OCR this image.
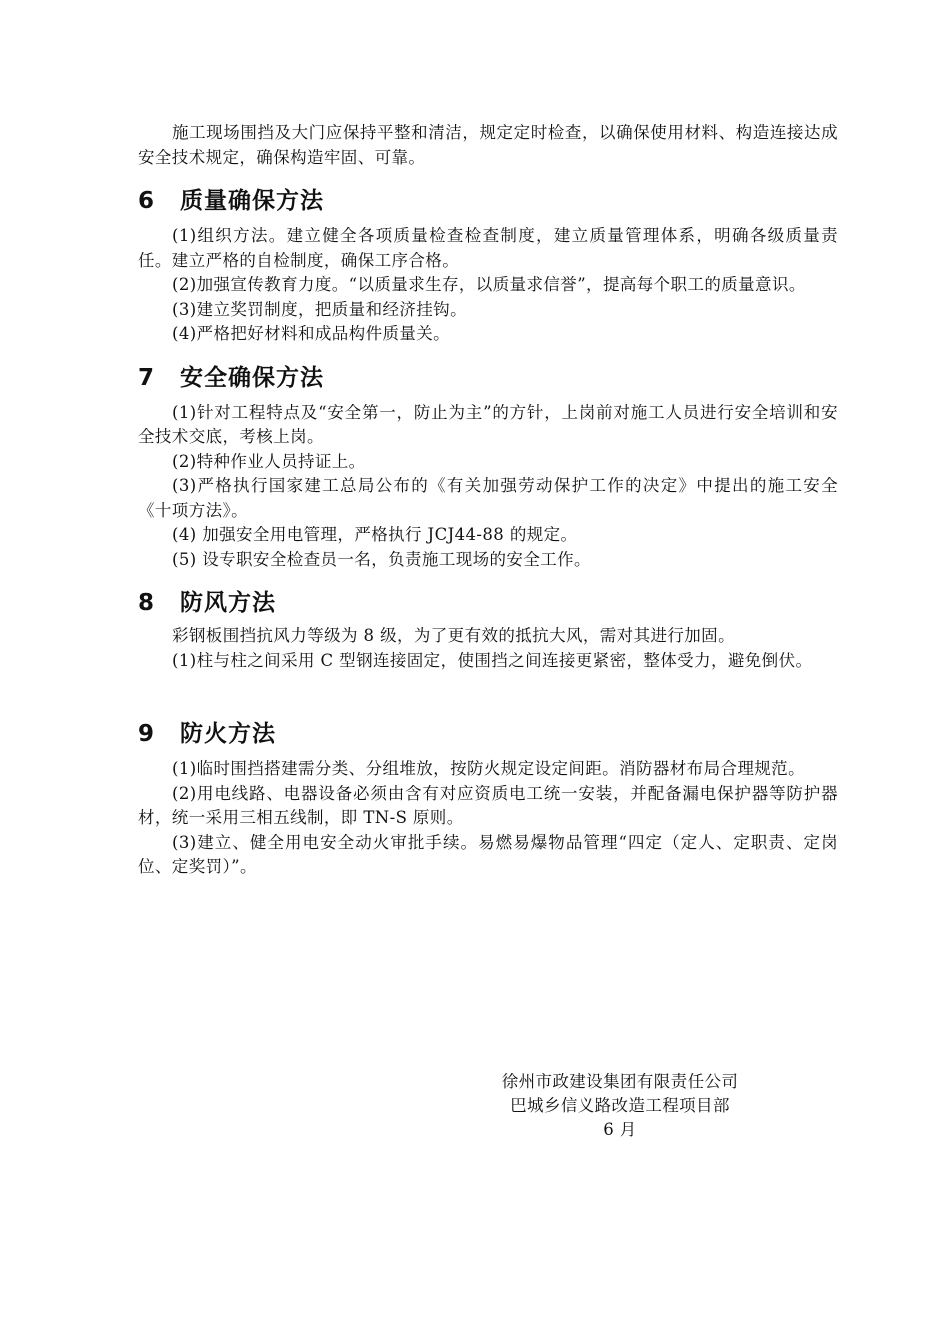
施工现场围挡及大门应保持平整和清洁，规定定时检查，以确保使用材料、构造连接达成安全技术规定，确保构造牢固、可靠。

6	质量确保方法

(1)组织方法。建立健全各项质量检查检查制度，建立质量管理体系，明确各级质量责任。建立严格的自检制度，确保工序合格。

(2)加强宣传教育力度。“以质量求生存，以质量求信誉”，提高每个职工的质量意识。

(3)建立奖罚制度，把质量和经济挂钩。

(4)严格把好材料和成品构件质量关。

7	安全确保方法

(1)针对工程特点及“安全第一，防止为主”的方针，上岗前对施工人员进行安全培训和安全技术交底，考核上岗。

(2)特种作业人员持证上。

(3)严格执行国家建工总局公布的《有关加强劳动保护工作的决定》中提出的施工安全《十项方法》。

(4) 加强安全用电管理，严格执行 JCJ44-88 的规定。

(5) 设专职安全检查员一名，负责施工现场的安全工作。

8	防风方法

彩钢板围挡抗风力等级为 8 级，为了更有效的抵抗大风，需对其进行加固。

(1)柱与柱之间采用 C 型钢连接固定，使围挡之间连接更紧密，整体受力，避免倒伏。

9	防火方法

(1)临时围挡搭建需分类、分组堆放，按防火规定设定间距。消防器材布局合理规范。

(2)用电线路、电器设备必须由含有对应资质电工统一安装，并配备漏电保护器等防护器材，统一采用三相五线制，即 TN-S 原则。

(3)建立、健全用电安全动火审批手续。易燃易爆物品管理“四定（定人、定职责、定岗位、定奖罚）”。

徐州市政建设集团有限责任公司
巴城乡信义路改造工程项目部
6 月
